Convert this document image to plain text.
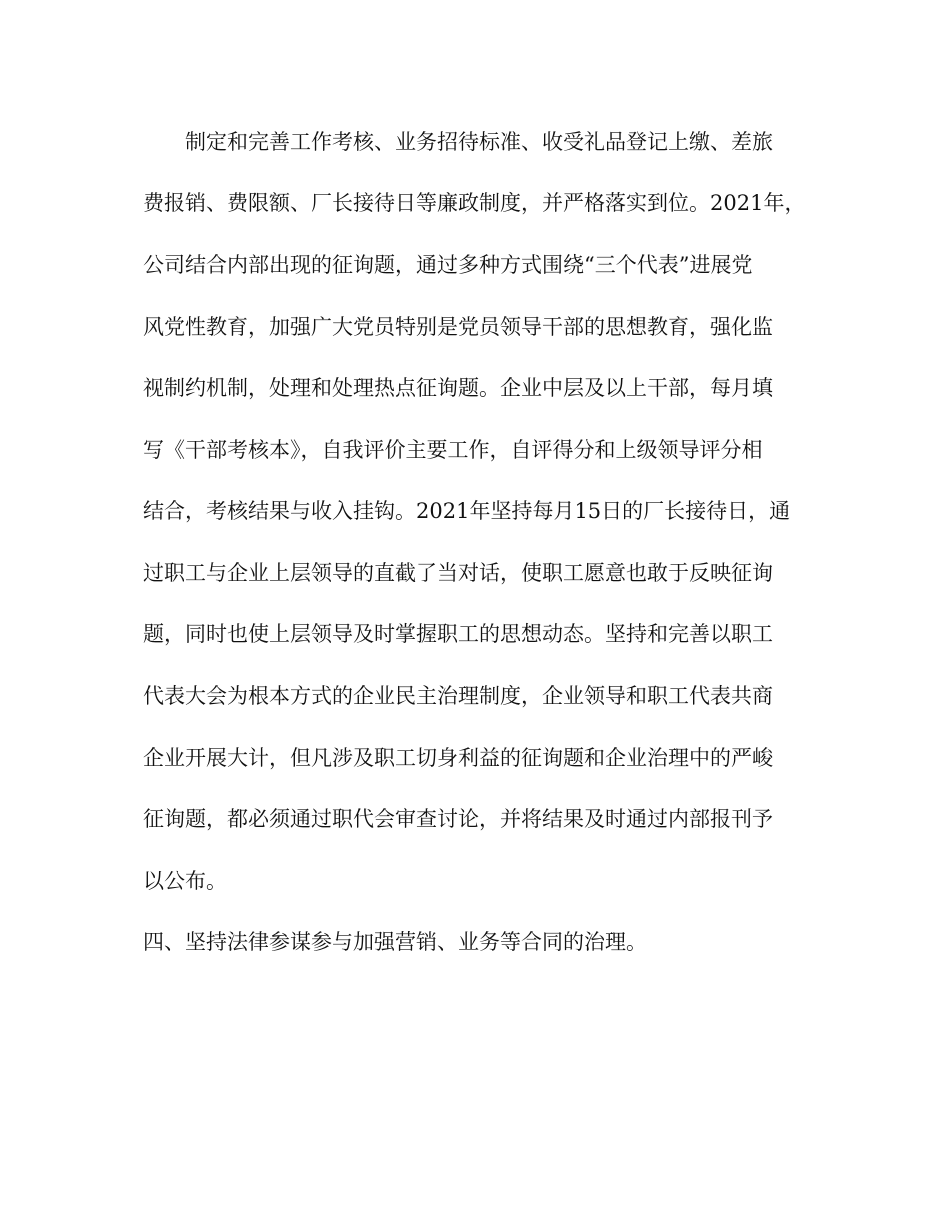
制定和完善工作考核、业务招待标准、收受礼品登记上缴、差旅
费报销、费限额、厂长接待日等廉政制度，并严格落实到位。2021年，
公司结合内部出现的征询题，通过多种方式围绕“三个代表”进展党
风党性教育，加强广大党员特别是党员领导干部的思想教育，强化监
视制约机制，处理和处理热点征询题。企业中层及以上干部，每月填
写《干部考核本》，自我评价主要工作，自评得分和上级领导评分相
结合，考核结果与收入挂钩。2021年坚持每月15日的厂长接待日，通
过职工与企业上层领导的直截了当对话，使职工愿意也敢于反映征询
题，同时也使上层领导及时掌握职工的思想动态。坚持和完善以职工
代表大会为根本方式的企业民主治理制度，企业领导和职工代表共商
企业开展大计，但凡涉及职工切身利益的征询题和企业治理中的严峻
征询题，都必须通过职代会审查讨论，并将结果及时通过内部报刊予
以公布。
四、坚持法律参谋参与加强营销、业务等合同的治理。
